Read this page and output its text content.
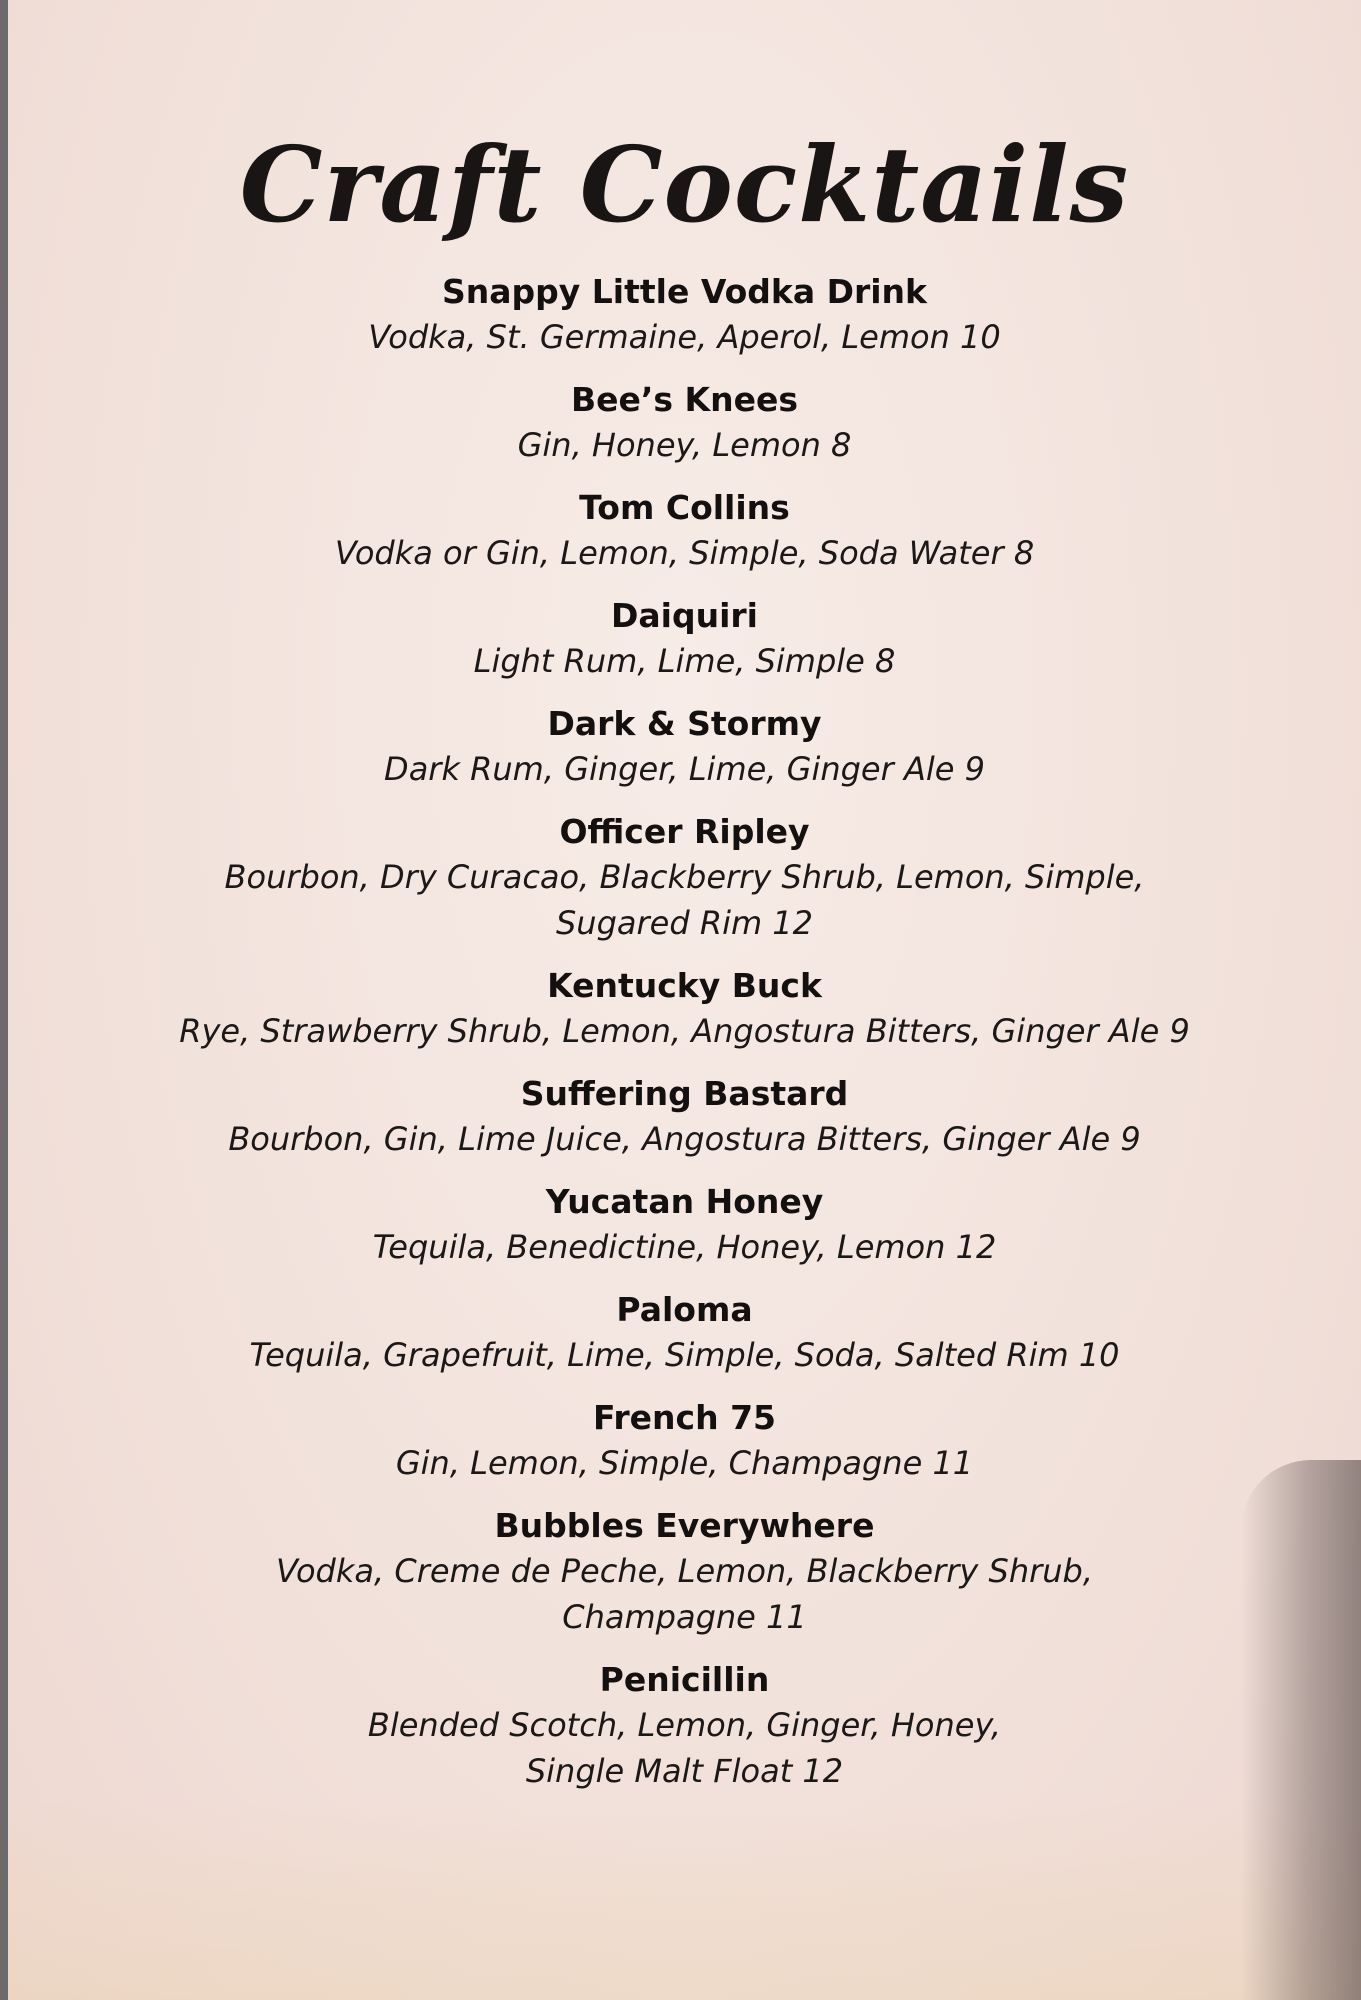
Craft Cocktails
Snappy Little Vodka Drink
Vodka, St. Germaine, Aperol, Lemon 10
Bee’s Knees
Gin, Honey, Lemon 8
Tom Collins
Vodka or Gin, Lemon, Simple, Soda Water 8
Daiquiri
Light Rum, Lime, Simple 8
Dark & Stormy
Dark Rum, Ginger, Lime, Ginger Ale 9
Officer Ripley
Bourbon, Dry Curacao, Blackberry Shrub, Lemon, Simple,
Sugared Rim 12
Kentucky Buck
Rye, Strawberry Shrub, Lemon, Angostura Bitters, Ginger Ale 9
Suffering Bastard
Bourbon, Gin, Lime Juice, Angostura Bitters, Ginger Ale 9
Yucatan Honey
Tequila, Benedictine, Honey, Lemon 12
Paloma
Tequila, Grapefruit, Lime, Simple, Soda, Salted Rim 10
French 75
Gin, Lemon, Simple, Champagne 11
Bubbles Everywhere
Vodka, Creme de Peche, Lemon, Blackberry Shrub,
Champagne 11
Penicillin
Blended Scotch, Lemon, Ginger, Honey,
Single Malt Float 12
